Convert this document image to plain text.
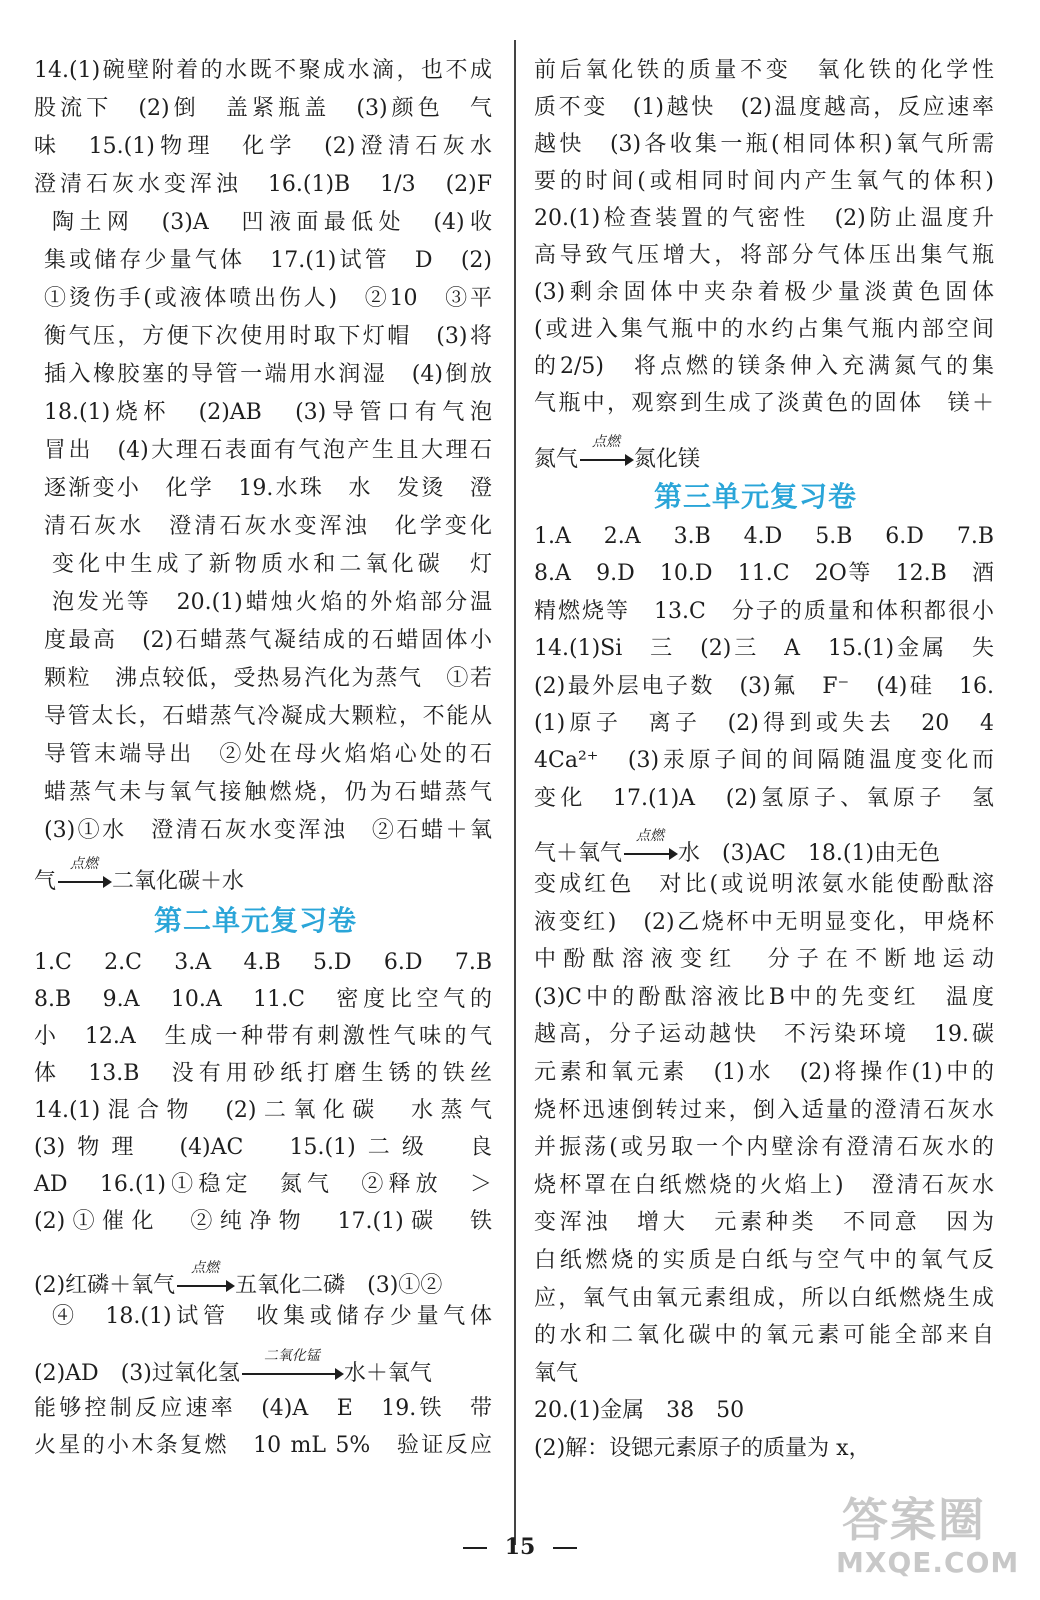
14.(1)碗壁附着的水既不聚成水滴，也不成
股流下　(2)倒　盖紧瓶盖　(3)颜色　气
味　15.(1)物理　化学　(2)澄清石灰水
澄清石灰水变浑浊　16.(1)B　1/3　(2)F
陶土网　(3)A　凹液面最低处　(4)收
集或储存少量气体　17.(1)试管　D　(2)
①烫伤手(或液体喷出伤人)　②10　③平
衡气压，方便下次使用时取下灯帽　(3)将
插入橡胶塞的导管一端用水润湿　(4)倒放
18.(1)烧杯　(2)AB　(3)导管口有气泡
冒出　(4)大理石表面有气泡产生且大理石
逐渐变小　化学　19.水珠　水　发烫　澄
清石灰水　澄清石灰水变浑浊　化学变化
变化中生成了新物质水和二氧化碳　灯
泡发光等　20.(1)蜡烛火焰的外焰部分温
度最高　(2)石蜡蒸气凝结成的石蜡固体小
颗粒　沸点较低，受热易汽化为蒸气　①若
导管太长，石蜡蒸气冷凝成大颗粒，不能从
导管末端导出　②处在母火焰焰心处的石
蜡蒸气未与氧气接触燃烧，仍为石蜡蒸气
(3)①水　澄清石灰水变浑浊　②石蜡＋氧
气
点燃
二氧化碳＋水
第二单元复习卷
1.C　2.C　3.A　4.B　5.D　6.D　7.B
8.B　9.A　10.A　11.C　密度比空气的
小　12.A　生成一种带有刺激性气味的气
体　13.B　没有用砂纸打磨生锈的铁丝
14.(1)混合物　(2)二氧化碳　水蒸气
(3)物理　(4)AC　15.(1)二级　良
AD　16.(1)①稳定　氮气　②释放　＞
(2)①催化　②纯净物　17.(1)碳　铁
(2)红磷＋氧气
点燃
五氧化二磷　(3)①②
④　18.(1)试管　收集或储存少量气体
(2)AD　(3)过氧化氢
二氧化锰
水＋氧气
能够控制反应速率　(4)A　E　19.铁　带
火星的小木条复燃　10 mL 5%　验证反应
前后氧化铁的质量不变　氧化铁的化学性
质不变　(1)越快　(2)温度越高，反应速率
越快　(3)各收集一瓶(相同体积)氧气所需
要的时间(或相同时间内产生氧气的体积)
20.(1)检查装置的气密性　(2)防止温度升
高导致气压增大，将部分气体压出集气瓶
(3)剩余固体中夹杂着极少量淡黄色固体
(或进入集气瓶中的水约占集气瓶内部空间
的2/5)　将点燃的镁条伸入充满氮气的集
气瓶中，观察到生成了淡黄色的固体　镁＋
氮气
点燃
氮化镁
第三单元复习卷
1.A　2.A　3.B　4.D　5.B　6.D　7.B
8.A　9.D　10.D　11.C　2O等　12.B　酒
精燃烧等　13.C　分子的质量和体积都很小
14.(1)Si　三　(2)三　A　15.(1)金属　失
(2)最外层电子数　(3)氟　F⁻　(4)硅　16.
(1)原子　离子　(2)得到或失去　20　4
4Ca²⁺　(3)汞原子间的间隔随温度变化而
变化　17.(1)A　(2)氢原子、氧原子　氢
气＋氧气
点燃
水　(3)AC　18.(1)由无色
变成红色　对比(或说明浓氨水能使酚酞溶
液变红)　(2)乙烧杯中无明显变化，甲烧杯
中酚酞溶液变红　分子在不断地运动
(3)C中的酚酞溶液比B中的先变红　温度
越高，分子运动越快　不污染环境　19.碳
元素和氧元素　(1)水　(2)将操作(1)中的
烧杯迅速倒转过来，倒入适量的澄清石灰水
并振荡(或另取一个内壁涂有澄清石灰水的
烧杯罩在白纸燃烧的火焰上)　澄清石灰水
变浑浊　增大　元素种类　不同意　因为
白纸燃烧的实质是白纸与空气中的氧气反
应，氧气由氧元素组成，所以白纸燃烧生成
的水和二氧化碳中的氧元素可能全部来自
氧气
20.(1)金属　38　50
(2)解：设锶元素原子的质量为 x，
15	答案圈
MXQE.COM
